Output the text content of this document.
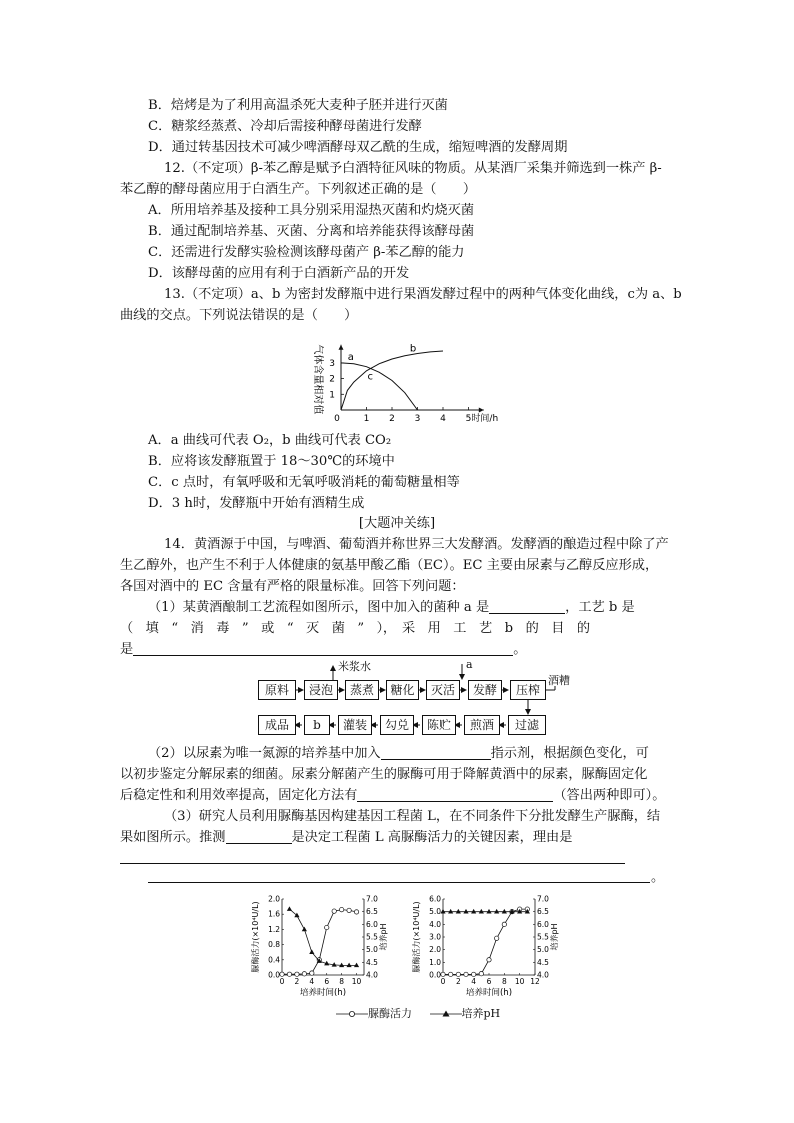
B．焙烤是为了利用高温杀死大麦种子胚并进行灭菌
C．糖浆经蒸煮、冷却后需接种酵母菌进行发酵
D．通过转基因技术可减少啤酒酵母双乙酰的生成，缩短啤酒的发酵周期
12.（不定项）β-苯乙醇是赋予白酒特征风味的物质。从某酒厂采集并筛选到一株产 β-
苯乙醇的酵母菌应用于白酒生产。下列叙述正确的是（　　）
A．所用培养基及接种工具分别采用湿热灭菌和灼烧灭菌
B．通过配制培养基、灭菌、分离和培养能获得该酵母菌
C．还需进行发酵实验检测该酵母菌产 β-苯乙醇的能力
D．该酵母菌的应用有利于白酒新产品的开发
13.（不定项）a、b 为密封发酵瓶中进行果酒发酵过程中的两种气体变化曲线，c为 a、b
曲线的交点。下列说法错误的是（　　）
0	1 2 3 4 5
1
2
3
时间/h
气体含量相对值 a
b
c
A．a 曲线可代表 O₂，b 曲线可代表 CO₂
B．应将该发酵瓶置于 18～30℃的环境中
C．c 点时，有氧呼吸和无氧呼吸消耗的葡萄糖量相等
D．3 h时，发酵瓶中开始有酒精生成
[大题冲关练]
14．黄酒源于中国，与啤酒、葡萄酒并称世界三大发酵酒。发酵酒的酿造过程中除了产
生乙醇外，也产生不利于人体健康的氨基甲酸乙酯（EC）。EC 主要由尿素与乙醇反应形成，
各国对酒中的 EC 含量有严格的限量标准。回答下列问题：
（1）某黄酒酿制工艺流程如图所示，图中加入的菌种 a 是	，工艺 b 是
（　填　“　消　毒　”　或　“　灭　菌　”　），　采　用　工　艺　b　的　目　的
是	。
米浆水	a
酒糟
原料	浸泡	蒸煮	糖化	灭活	发酵	压榨
成品	b	灌装	勾兑	陈贮	煎酒	过滤
（2）以尿素为唯一氮源的培养基中加入	指示剂，根据颜色变化，可
以初步鉴定分解尿素的细菌。尿素分解菌产生的脲酶可用于降解黄酒中的尿素，脲酶固定化
后稳定性和利用效率提高，固定化方法有	（答出两种即可）。
（3）研究人员利用脲酶基因构建基因工程菌 L，在不同条件下分批发酵生产脲酶，结
果如图所示。推测	是决定工程菌 L 高脲酶活力的关键因素，理由是
。
0 2 4 6 8 10
0.0
0.4
0.8
1.2
1.6
2.0
4.0
4.5
5.0
5.5
6.0
6.5
7.0
培养时间(h)
脲酶活力(×10⁴U/L)	培养pH
0 2 4 6 8 10 12
0.0
1.0
2.0
3.0
4.0
5.0
6.0
4.0
4.5
5.0
5.5
6.0
6.5
7.0
培养时间(h)
脲酶活力(×10⁴U/L)	培养pH
脲酶活力	培养pH
